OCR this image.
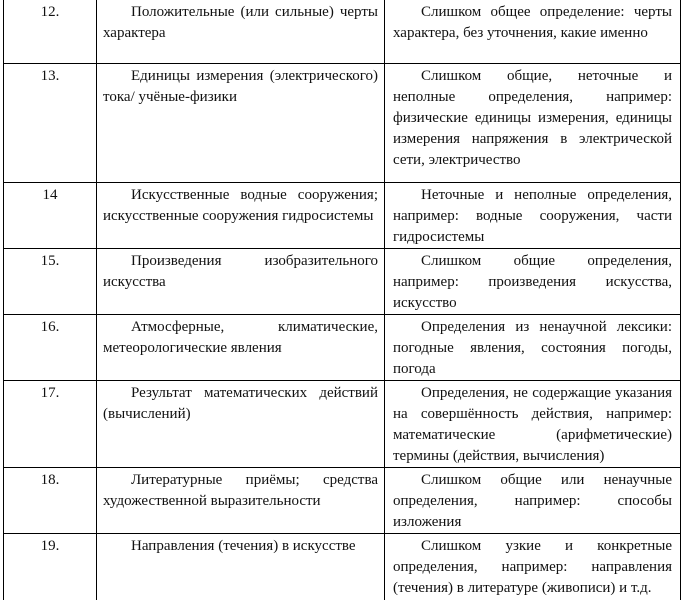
12.	Положительные (или сильные) черты характера	Слишком общее определение: черты характера, без уточнения, какие именно
13.	Единицы измерения (электрического) тока/ учёные-физики	Слишком общие, неточные и неполные определения, например: физические единицы измерения, единицы измерения напряжения в электрической сети, электричество
14	Искусственные водные сооружения; искусственные сооружения гидросистемы	Неточные и неполные определения, например: водные сооружения, части гидросистемы
15.	Произведения изобразительного искусства	Слишком общие определения, например: произведения искусства, искусство
16.	Атмосферные, климатические, метеорологические явления	Определения из ненаучной лексики: погодные явления, состояния погоды, погода
17.	Результат математических действий (вычислений)	Определения, не содержащие указания на совершённость действия, например: математические (арифметические) термины (действия, вычисления)
18.	Литературные приёмы; средства художественной выразительности	Слишком общие или ненаучные определения, например: способы изложения
19.	Направления (течения) в искусстве	Слишком узкие и конкретные определения, например: направления (течения) в литературе (живописи) и т.д.
